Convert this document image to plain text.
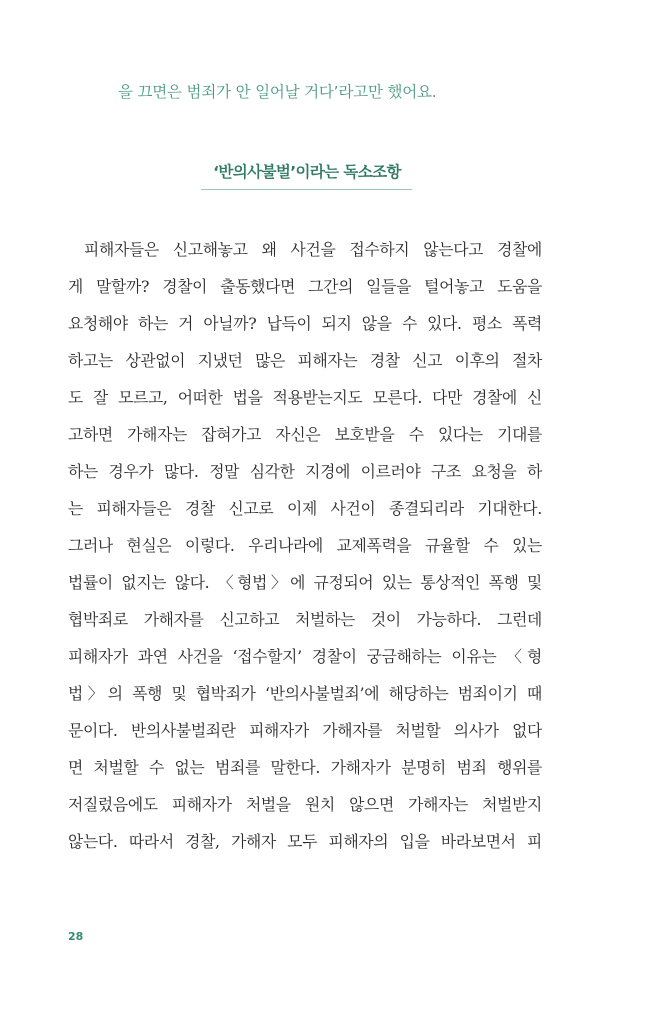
을 끄면은 범죄가 안 일어날 거다’라고만 했어요.
‘반의사불벌’이라는 독소조항
피해자들은 신고해놓고 왜 사건을 접수하지 않는다고 경찰에
게 말할까? 경찰이 출동했다면 그간의 일들을 털어놓고 도움을
요청해야 하는 거 아닐까? 납득이 되지 않을 수 있다. 평소 폭력
하고는 상관없이 지냈던 많은 피해자는 경찰 신고 이후의 절차
도 잘 모르고, 어떠한 법을 적용받는지도 모른다. 다만 경찰에 신
고하면 가해자는 잡혀가고 자신은 보호받을 수 있다는 기대를
하는 경우가 많다. 정말 심각한 지경에 이르러야 구조 요청을 하
는 피해자들은 경찰 신고로 이제 사건이 종결되리라 기대한다.
그러나 현실은 이렇다. 우리나라에 교제폭력을 규율할 수 있는
법률이 없지는 않다. 〈형법〉에 규정되어 있는 통상적인 폭행 및
협박죄로 가해자를 신고하고 처벌하는 것이 가능하다. 그런데
피해자가 과연 사건을 ‘접수할지’ 경찰이 궁금해하는 이유는 〈형
법〉의 폭행 및 협박죄가 ‘반의사불벌죄’에 해당하는 범죄이기 때
문이다. 반의사불벌죄란 피해자가 가해자를 처벌할 의사가 없다
면 처벌할 수 없는 범죄를 말한다. 가해자가 분명히 범죄 행위를
저질렀음에도 피해자가 처벌을 원치 않으면 가해자는 처벌받지
않는다. 따라서 경찰, 가해자 모두 피해자의 입을 바라보면서 피
28
